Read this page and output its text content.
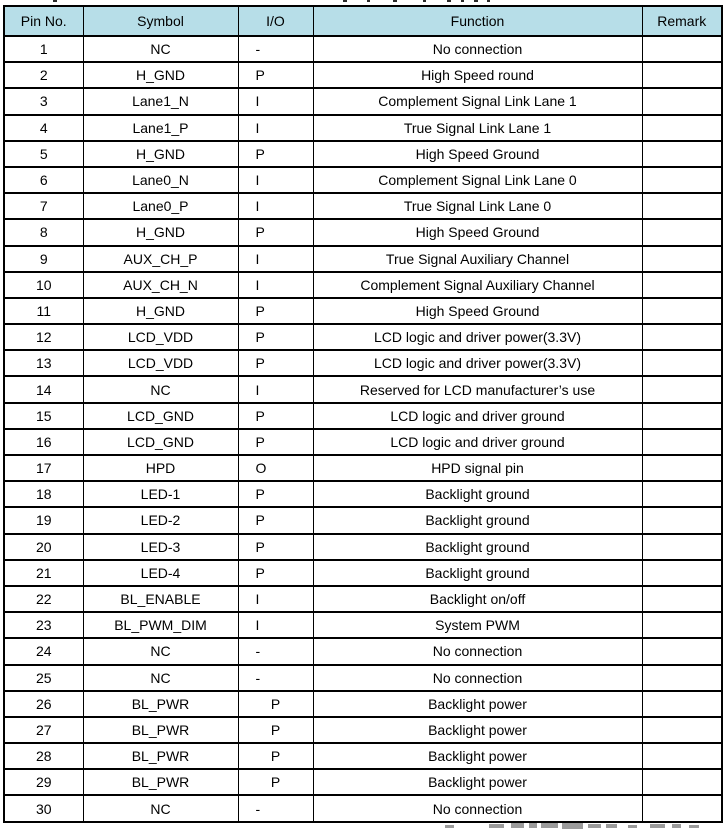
Pin No.	Symbol	I/O	Function	Remark
1	NC	-	No connection	
2	H_GND	P	High Speed round	
3	Lane1_N	I	Complement Signal Link Lane 1	
4	Lane1_P	I	True Signal Link Lane 1	
5	H_GND	P	High Speed Ground	
6	Lane0_N	I	Complement Signal Link Lane 0	
7	Lane0_P	I	True Signal Link Lane 0	
8	H_GND	P	High Speed Ground	
9	AUX_CH_P	I	True Signal Auxiliary Channel	
10	AUX_CH_N	I	Complement Signal Auxiliary Channel	
11	H_GND	P	High Speed Ground	
12	LCD_VDD	P	LCD logic and driver power(3.3V)	
13	LCD_VDD	P	LCD logic and driver power(3.3V)	
14	NC	I	Reserved for LCD manufacturer’s use	
15	LCD_GND	P	LCD logic and driver ground	
16	LCD_GND	P	LCD logic and driver ground	
17	HPD	O	HPD signal pin	
18	LED-1	P	Backlight ground	
19	LED-2	P	Backlight ground	
20	LED-3	P	Backlight ground	
21	LED-4	P	Backlight ground	
22	BL_ENABLE	I	Backlight on/off	
23	BL_PWM_DIM	I	System PWM	
24	NC	-	No connection	
25	NC	-	No connection	
26	BL_PWR	P	Backlight power	
27	BL_PWR	P	Backlight power	
28	BL_PWR	P	Backlight power	
29	BL_PWR	P	Backlight power	
30	NC	-	No connection	
